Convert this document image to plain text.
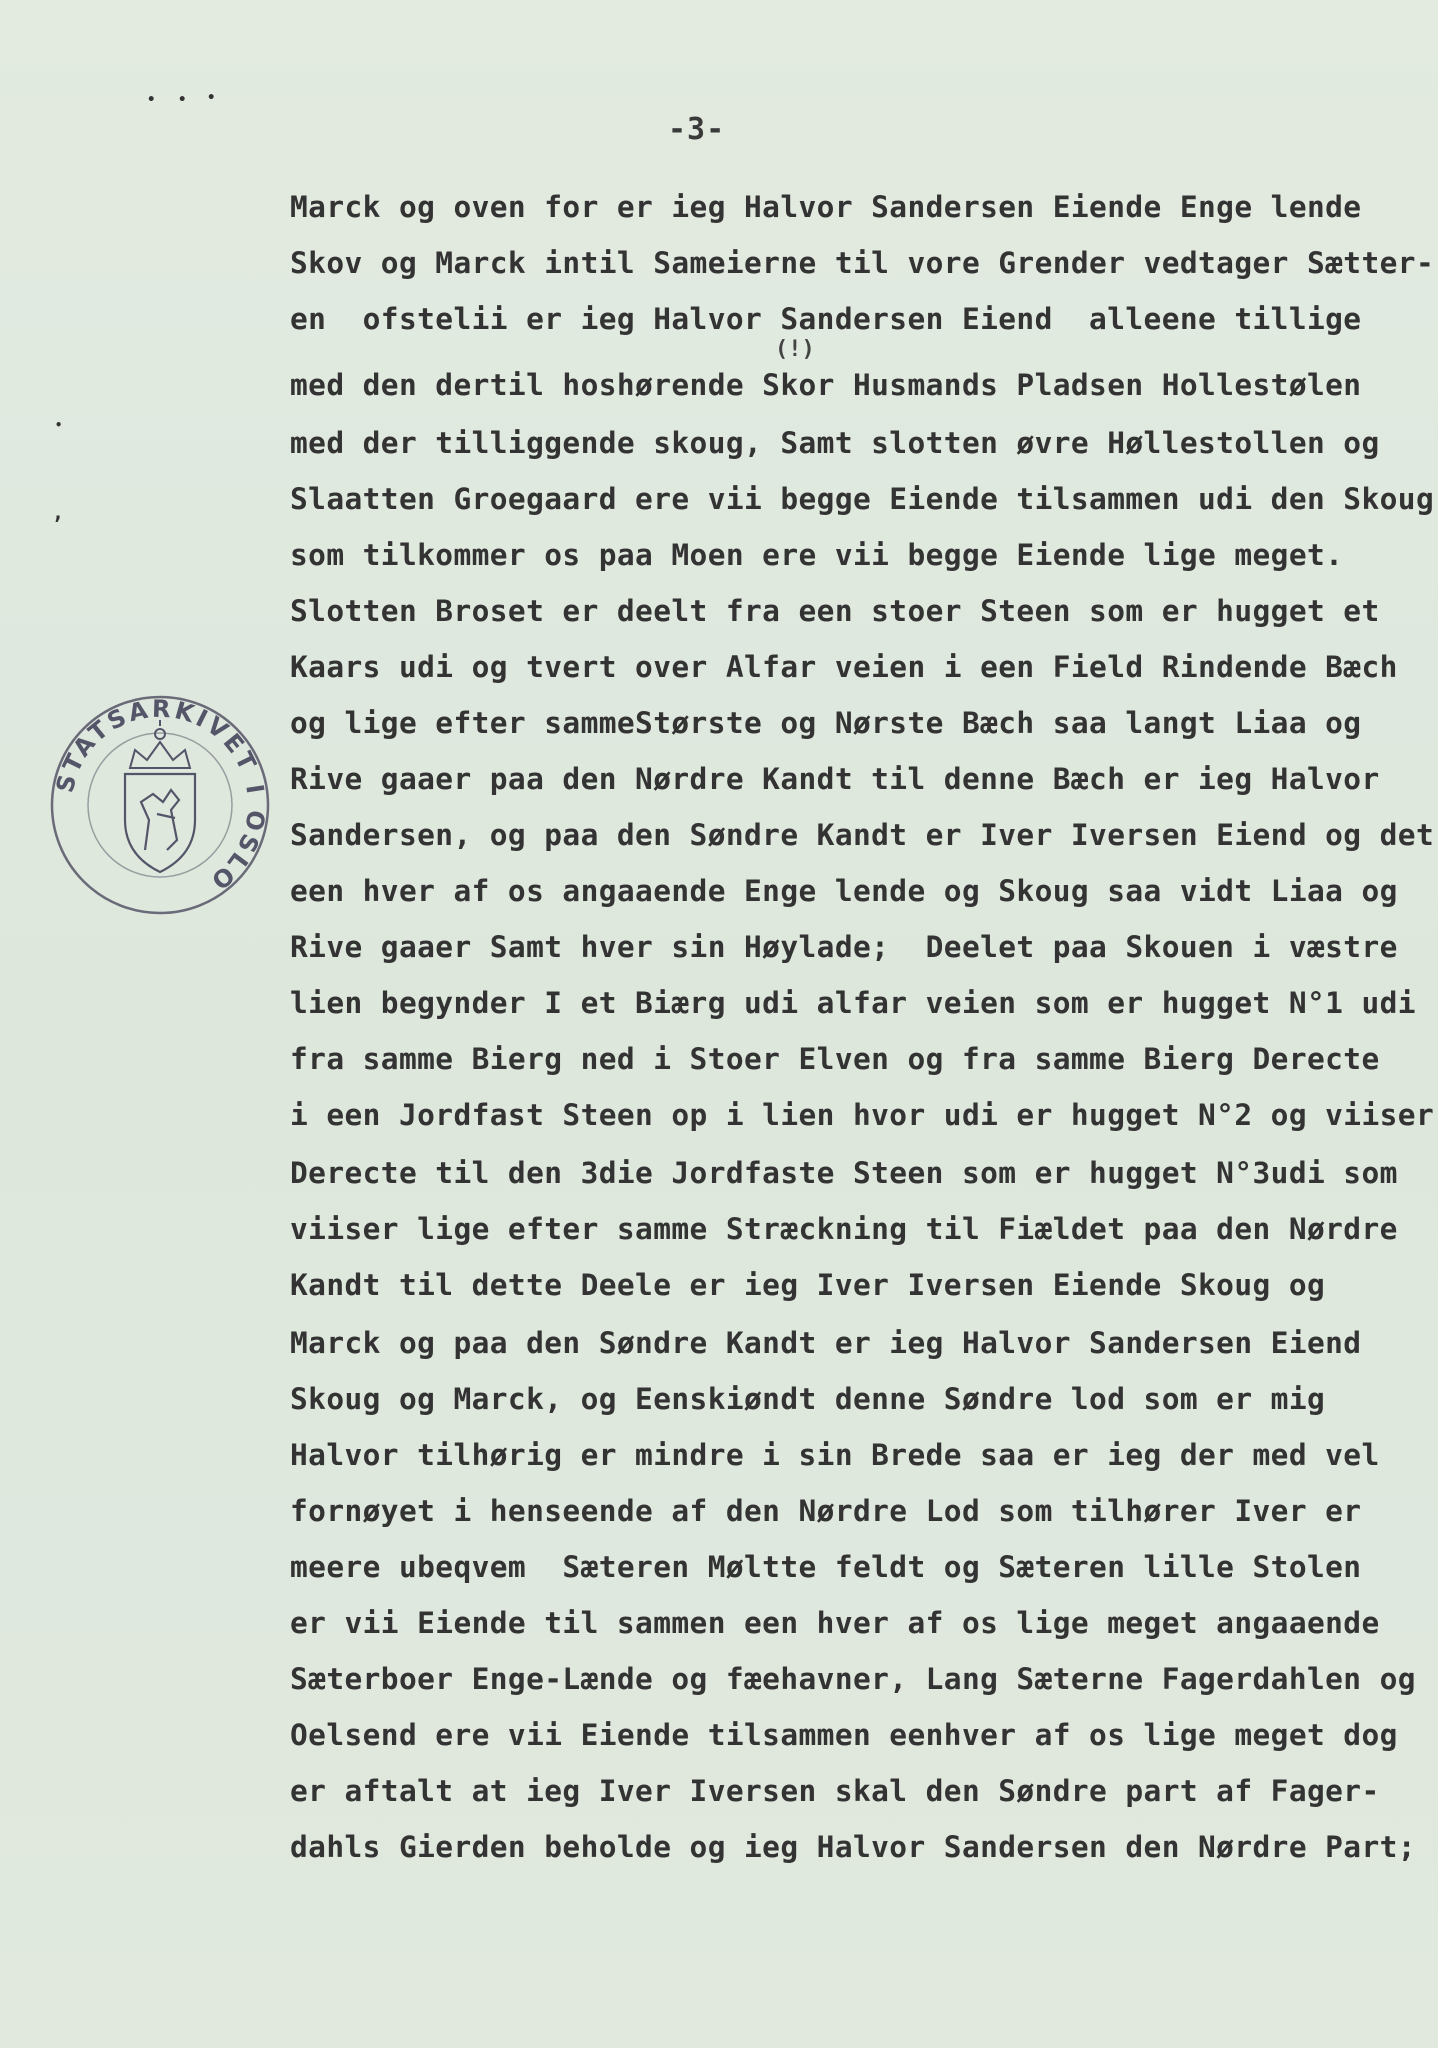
• • •
•
,
-3-
STATSARKIVET I OSLO
(!)
Marck og oven for er ieg Halvor Sandersen Eiende Enge lende
Skov og Marck intil Sameierne til vore Grender vedtager Sætter-
en  ofstelii er ieg Halvor Sandersen Eiend  alleene tillige
med den dertil hoshørende Skor Husmands Pladsen Hollestølen
med der tilliggende skoug, Samt slotten øvre Høllestollen og
Slaatten Groegaard ere vii begge Eiende tilsammen udi den Skoug
som tilkommer os paa Moen ere vii begge Eiende lige meget.
Slotten Broset er deelt fra een stoer Steen som er hugget et
Kaars udi og tvert over Alfar veien i een Field Rindende Bæch
og lige efter sammeStørste og Nørste Bæch saa langt Liaa og
Rive gaaer paa den Nørdre Kandt til denne Bæch er ieg Halvor
Sandersen, og paa den Søndre Kandt er Iver Iversen Eiend og det
een hver af os angaaende Enge lende og Skoug saa vidt Liaa og
Rive gaaer Samt hver sin Høylade;  Deelet paa Skouen i væstre
lien begynder I et Biærg udi alfar veien som er hugget N°1 udi
fra samme Bierg ned i Stoer Elven og fra samme Bierg Derecte
i een Jordfast Steen op i lien hvor udi er hugget N°2 og viiser
Derecte til den 3die Jordfaste Steen som er hugget N°3udi som
viiser lige efter samme Stræckning til Fiældet paa den Nørdre
Kandt til dette Deele er ieg Iver Iversen Eiende Skoug og
Marck og paa den Søndre Kandt er ieg Halvor Sandersen Eiend
Skoug og Marck, og Eenskiøndt denne Søndre lod som er mig
Halvor tilhørig er mindre i sin Brede saa er ieg der med vel
fornøyet i henseende af den Nørdre Lod som tilhører Iver er
meere ubeqvem  Sæteren Møltte feldt og Sæteren lille Stolen
er vii Eiende til sammen een hver af os lige meget angaaende
Sæterboer Enge-Lænde og fæehavner, Lang Sæterne Fagerdahlen og
Oelsend ere vii Eiende tilsammen eenhver af os lige meget dog
er aftalt at ieg Iver Iversen skal den Søndre part af Fager-
dahls Gierden beholde og ieg Halvor Sandersen den Nørdre Part;
